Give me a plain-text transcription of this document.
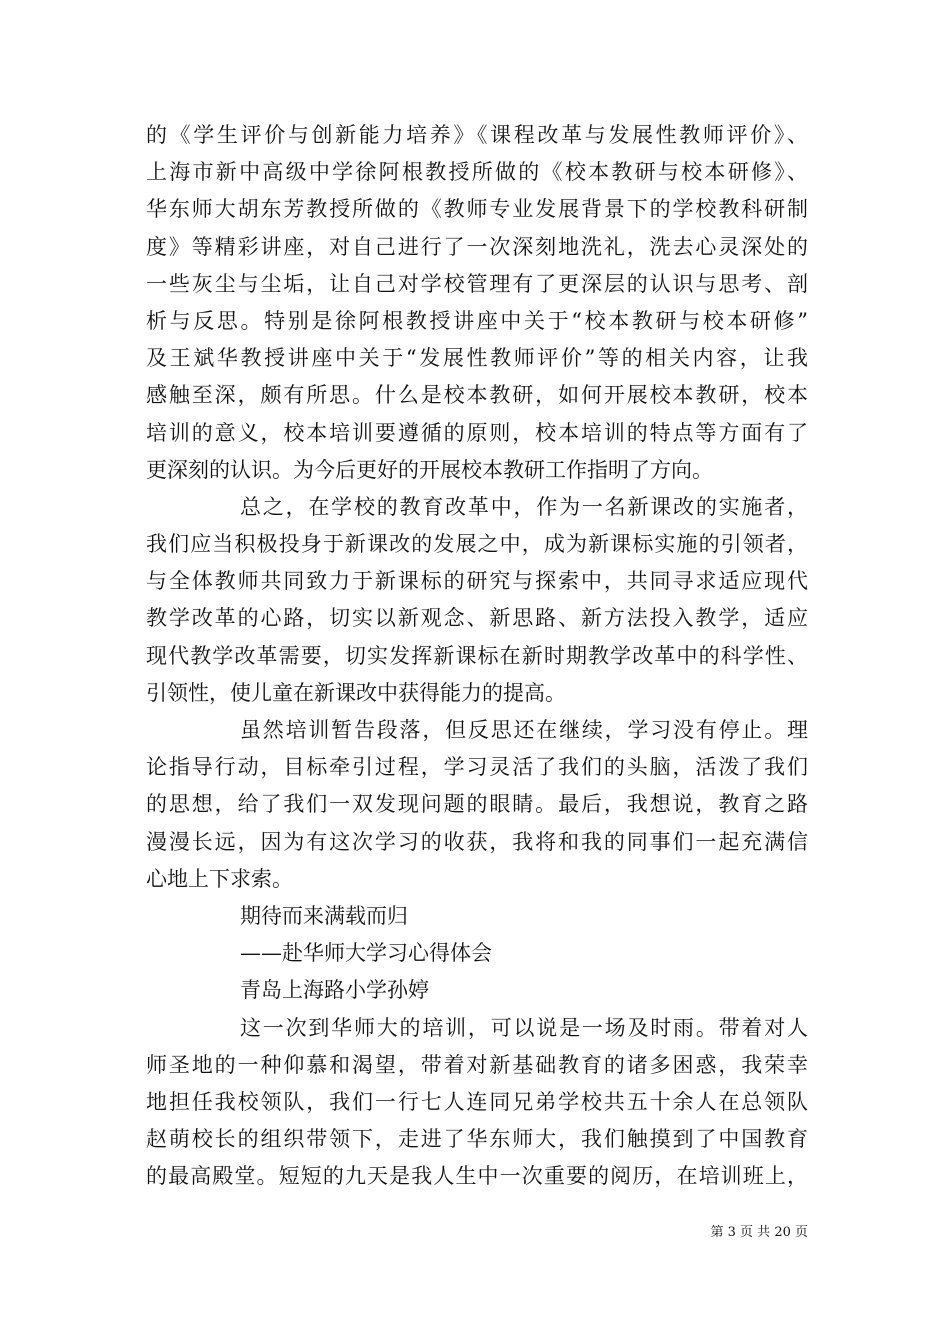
的《学生评价与创新能力培养》《课程改革与发展性教师评价》、
上海市新中高级中学徐阿根教授所做的《校本教研与校本研修》、
华东师大胡东芳教授所做的《教师专业发展背景下的学校教科研制
度》等精彩讲座，对自己进行了一次深刻地洗礼，洗去心灵深处的
一些灰尘与尘垢，让自己对学校管理有了更深层的认识与思考、剖
析与反思。特别是徐阿根教授讲座中关于“校本教研与校本研修”
及王斌华教授讲座中关于“发展性教师评价”等的相关内容，让我
感触至深，颇有所思。什么是校本教研，如何开展校本教研，校本
培训的意义，校本培训要遵循的原则，校本培训的特点等方面有了
更深刻的认识。为今后更好的开展校本教研工作指明了方向。
总之，在学校的教育改革中，作为一名新课改的实施者，
我们应当积极投身于新课改的发展之中，成为新课标实施的引领者，
与全体教师共同致力于新课标的研究与探索中，共同寻求适应现代
教学改革的心路，切实以新观念、新思路、新方法投入教学，适应
现代教学改革需要，切实发挥新课标在新时期教学改革中的科学性、
引领性，使儿童在新课改中获得能力的提高。
虽然培训暂告段落，但反思还在继续，学习没有停止。理
论指导行动，目标牵引过程，学习灵活了我们的头脑，活泼了我们
的思想，给了我们一双发现问题的眼睛。最后，我想说，教育之路
漫漫长远，因为有这次学习的收获，我将和我的同事们一起充满信
心地上下求索。
期待而来满载而归
——赴华师大学习心得体会
青岛上海路小学孙婷
这一次到华师大的培训，可以说是一场及时雨。带着对人
师圣地的一种仰慕和渴望，带着对新基础教育的诸多困惑，我荣幸
地担任我校领队，我们一行七人连同兄弟学校共五十余人在总领队
赵萌校长的组织带领下，走进了华东师大，我们触摸到了中国教育
的最高殿堂。短短的九天是我人生中一次重要的阅历，在培训班上，
第 3 页 共 20 页
